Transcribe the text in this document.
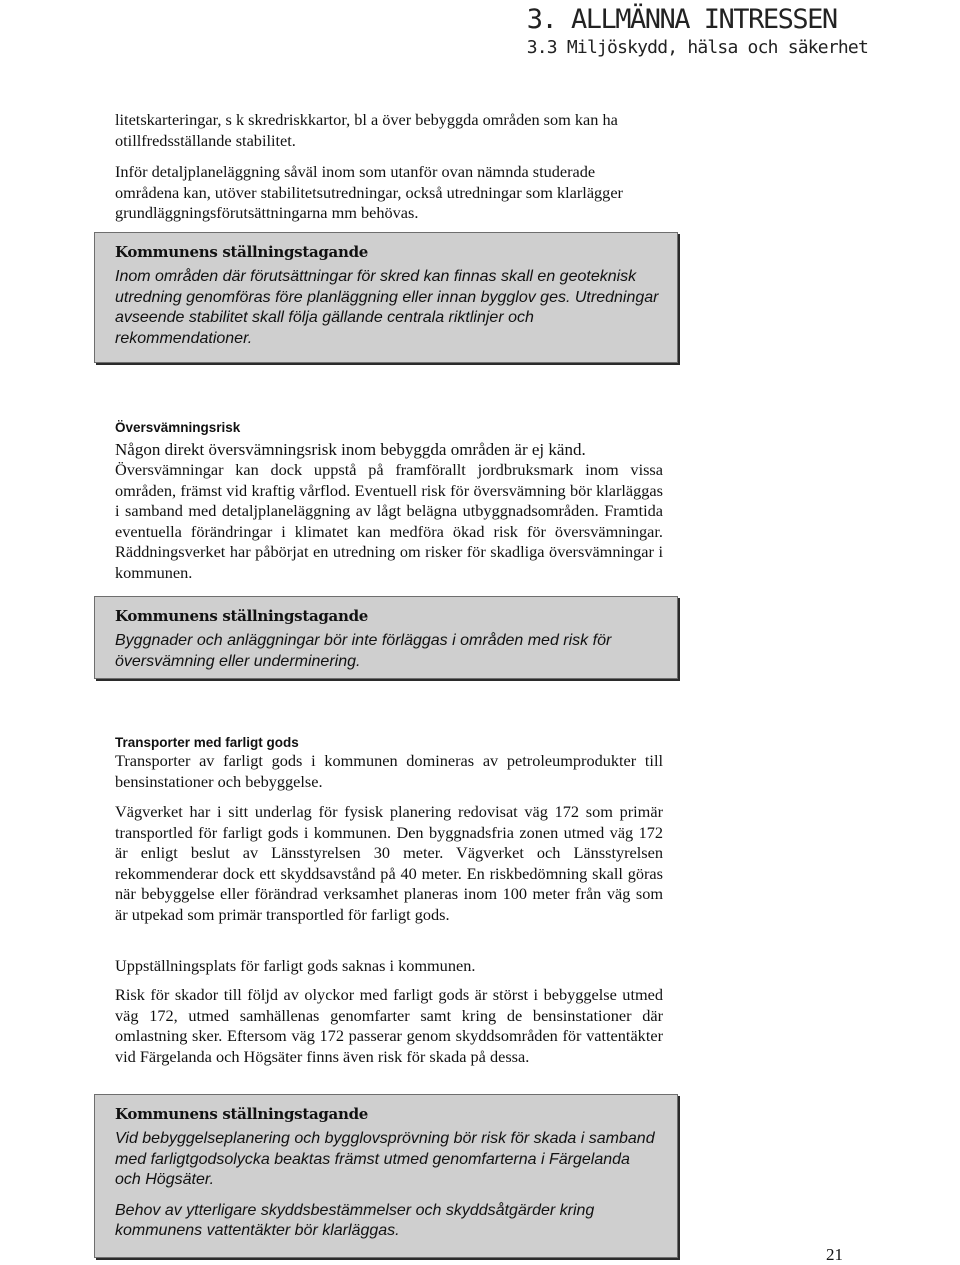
3. ALLMÄNNA INTRESSEN
3.3 Miljöskydd, hälsa och säkerhet

litetskarteringar, s k skredriskkartor, bl a över bebyggda områden som kan ha otillfredsställande stabilitet.

Inför detaljplaneläggning såväl inom som utanför ovan nämnda studerade områdena kan, utöver stabilitetsutredningar, också utredningar som klarlägger grundläggningsförutsättningarna mm behövas.

Kommunens ställningstagande

Inom områden där förutsättningar för skred kan finnas skall en geoteknisk utredning genomföras före planläggning eller innan bygglov ges. Utredningar avseende stabilitet skall följa gällande centrala riktlinjer och rekommendationer.

Översvämningsrisk

Någon direkt översvämningsrisk inom bebyggda områden är ej känd.

Översvämningar kan dock uppstå på framförallt jordbruksmark inom vissa områden, främst vid kraftig vårflod. Eventuell risk för översvämning bör klarläggas i samband med detaljplaneläggning av lågt belägna utbyggnadsområden. Framtida eventuella förändringar i klimatet kan medföra ökad risk för översvämningar. Räddningsverket har påbörjat en utredning om risker för skadliga översvämningar i kommunen.

Kommunens ställningstagande

Byggnader och anläggningar bör inte förläggas i områden med risk för översvämning eller underminering.

Transporter med farligt gods

Transporter av farligt gods i kommunen domineras av petroleumprodukter till bensinstationer och bebyggelse.

Vägverket har i sitt underlag för fysisk planering redovisat väg 172 som primär transportled för farligt gods i kommunen. Den byggnadsfria zonen utmed väg 172 är enligt beslut av Länsstyrelsen 30 meter. Vägverket och Länsstyrelsen rekommenderar dock ett skyddsavstånd på 40 meter. En riskbedömning skall göras när bebyggelse eller förändrad verksamhet planeras inom 100 meter från väg som är utpekad som primär transportled för farligt gods.

Uppställningsplats för farligt gods saknas i kommunen.

Risk för skador till följd av olyckor med farligt gods är störst i bebyggelse utmed väg 172, utmed samhällenas genomfarter samt kring de bensinstationer där omlastning sker. Eftersom väg 172 passerar genom skyddsområden för vattentäkter vid Färgelanda och Högsäter finns även risk för skada på dessa.

Kommunens ställningstagande

Vid bebyggelseplanering och bygglovsprövning bör risk för skada i samband med farligtgodsolycka beaktas främst utmed genomfarterna i Färgelanda och Högsäter.

Behov av ytterligare skyddsbestämmelser och skyddsåtgärder kring kommunens vattentäkter bör klarläggas.

21
